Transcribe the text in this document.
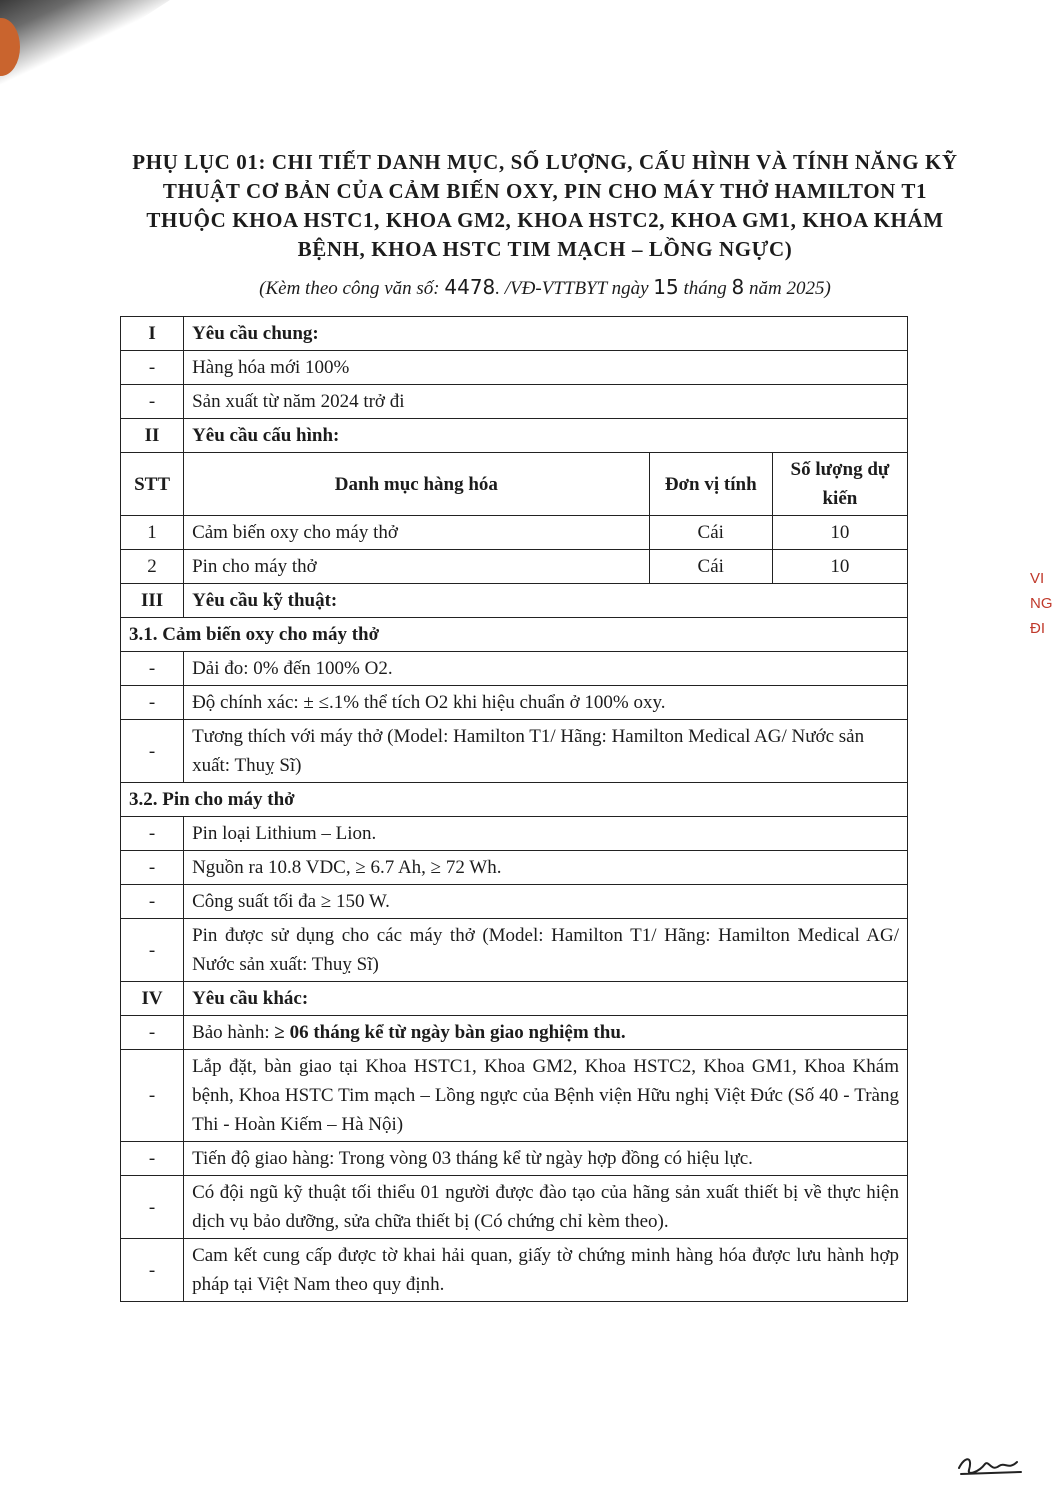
PHỤ LỤC 01: CHI TIẾT DANH MỤC, SỐ LƯỢNG, CẤU HÌNH VÀ TÍNH NĂNG KỸ THUẬT CƠ BẢN CỦA CẢM BIẾN OXY, PIN CHO MÁY THỞ HAMILTON T1 THUỘC KHOA HSTC1, KHOA GM2, KHOA HSTC2, KHOA GM1, KHOA KHÁM BỆNH, KHOA HSTC TIM MẠCH – LỒNG NGỰC)
(Kèm theo công văn số: 4478. /VĐ-VTTBYT ngày 15 tháng 8 năm 2025)
I	Yêu cầu chung:		
-	Hàng hóa mới 100%		
-	Sản xuất từ năm 2024 trở đi		
II	Yêu cầu cấu hình:		
STT	Danh mục hàng hóa	Đơn vị tính	Số lượng dự kiến
1	Cảm biến oxy cho máy thở	Cái	10
2	Pin cho máy thở	Cái	10
III	Yêu cầu kỹ thuật:		
3.1. Cảm biến oxy cho máy thở			
-	Dải đo: 0% đến 100% O2.		
-	Độ chính xác: ± ≤.1% thể tích O2 khi hiệu chuẩn ở 100% oxy.		
-	Tương thích với máy thở (Model: Hamilton T1/ Hãng: Hamilton Medical AG/ Nước sản xuất: Thuỵ Sĩ)		
3.2. Pin cho máy thở			
-	Pin loại Lithium – Lion.		
-	Nguồn ra 10.8 VDC, ≥ 6.7 Ah, ≥ 72 Wh.		
-	Công suất tối đa ≥ 150 W.		
-	Pin được sử dụng cho các máy thở (Model: Hamilton T1/ Hãng: Hamilton Medical AG/ Nước sản xuất: Thuỵ Sĩ)		
IV	Yêu cầu khác:		
-	Bảo hành: ≥ 06 tháng kể từ ngày bàn giao nghiệm thu.		
-	Lắp đặt, bàn giao tại Khoa HSTC1, Khoa GM2, Khoa HSTC2, Khoa GM1, Khoa Khám bệnh, Khoa HSTC Tim mạch – Lồng ngực của Bệnh viện Hữu nghị Việt Đức (Số 40 - Tràng Thi - Hoàn Kiếm – Hà Nội)		
-	Tiến độ giao hàng: Trong vòng 03 tháng kể từ ngày hợp đồng có hiệu lực.		
-	Có đội ngũ kỹ thuật tối thiểu 01 người được đào tạo của hãng sản xuất thiết bị về thực hiện dịch vụ bảo dưỡng, sửa chữa thiết bị (Có chứng chỉ kèm theo).		
-	Cam kết cung cấp được tờ khai hải quan, giấy tờ chứng minh hàng hóa được lưu hành hợp pháp tại Việt Nam theo quy định.		
VI
NG
ĐI
